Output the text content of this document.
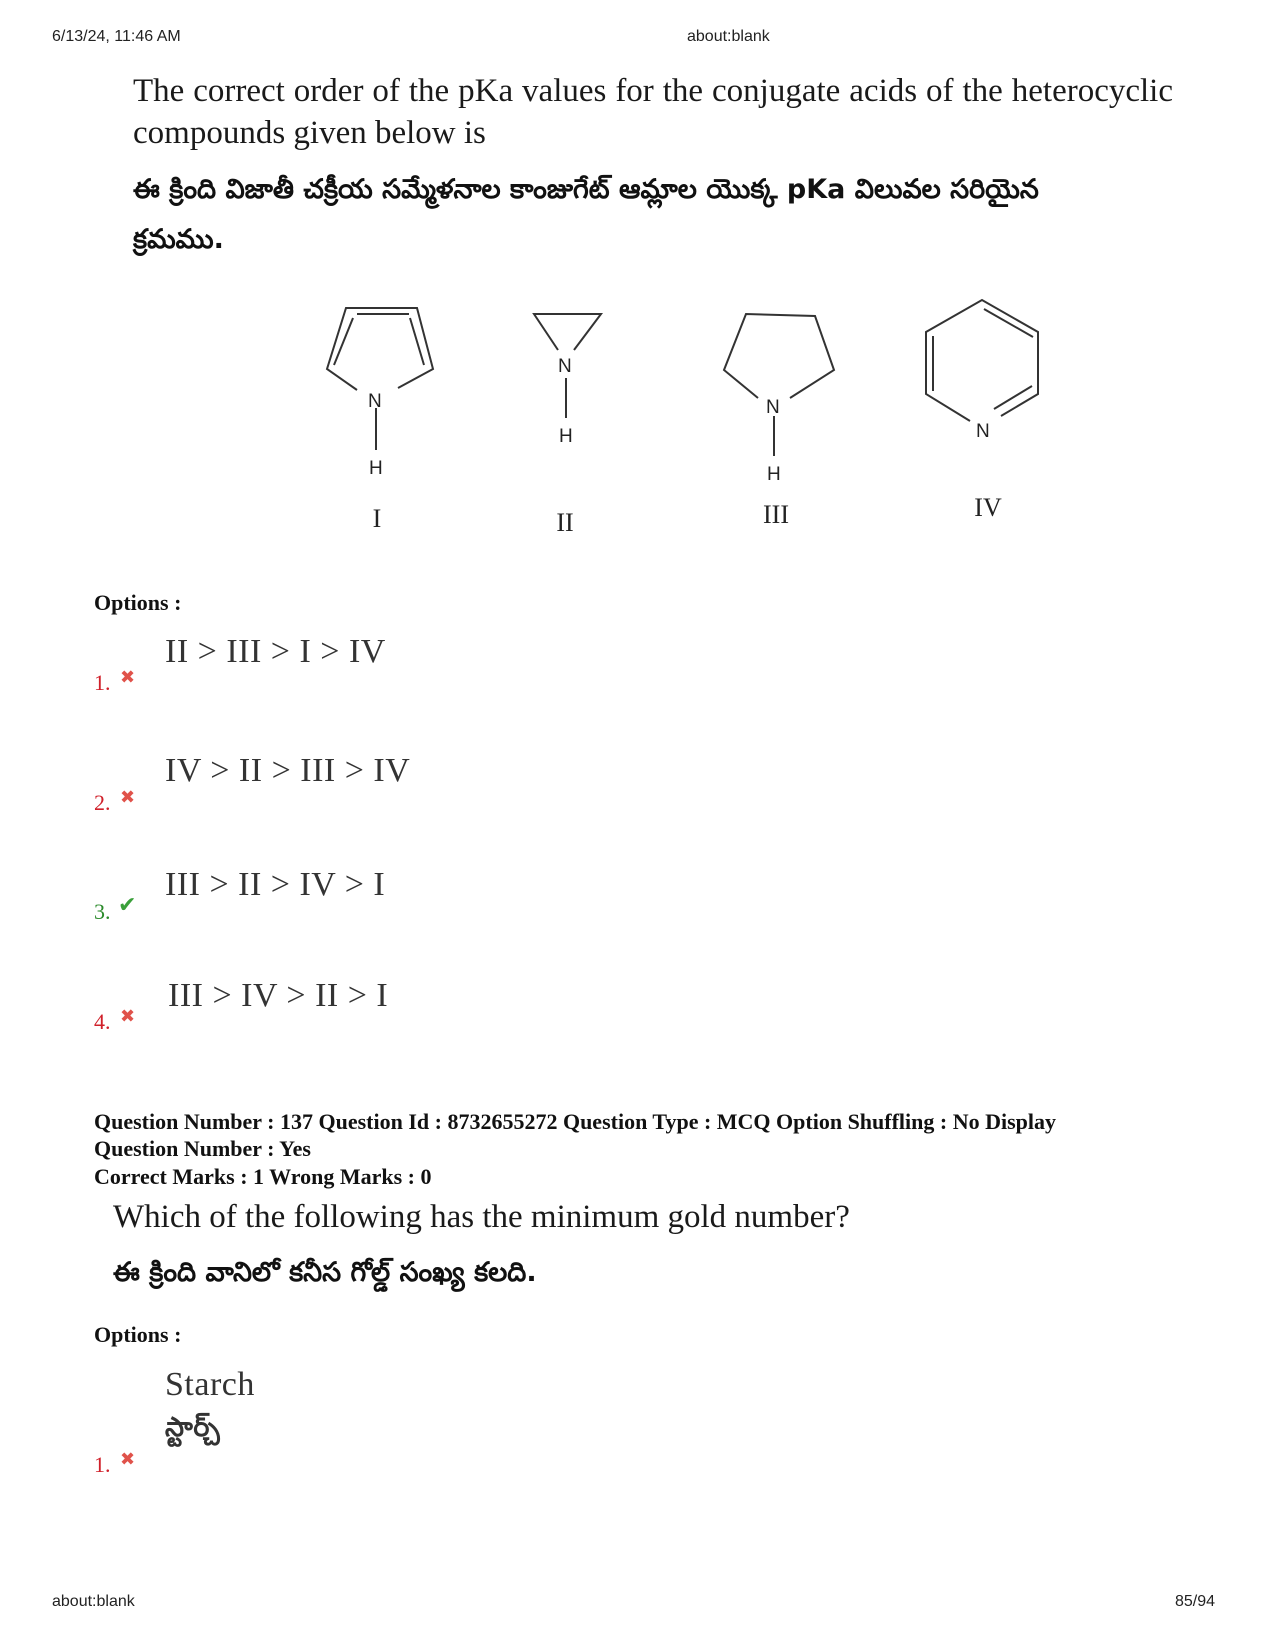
6/13/24, 11:46 AM	about:blank
The correct order of the pKa values for the conjugate acids of the heterocyclic compounds given below is
ఈ క్రింది విజాతీ చక్రీయ సమ్మేళనాల కాంజుగేట్ ఆమ్లాల యొక్క pKa విలువల సరియైన
క్రమము.
N
H
N
H
N
H
N
I	II	III	IV
Options :
II > III > I > IV
1. ✖
IV > II > III > IV
2. ✖
III > II > IV > I
3. ✔
III > IV > II > I
4. ✖
Question Number : 137 Question Id : 8732655272 Question Type : MCQ Option Shuffling : No Display
Question Number : Yes
Correct Marks : 1 Wrong Marks : 0
Which of the following has the minimum gold number?
ఈ క్రింది వానిలో కనీస గోల్డ్ సంఖ్య కలది.
Options :
Starch
స్టార్చ్
1. ✖
about:blank	85/94
